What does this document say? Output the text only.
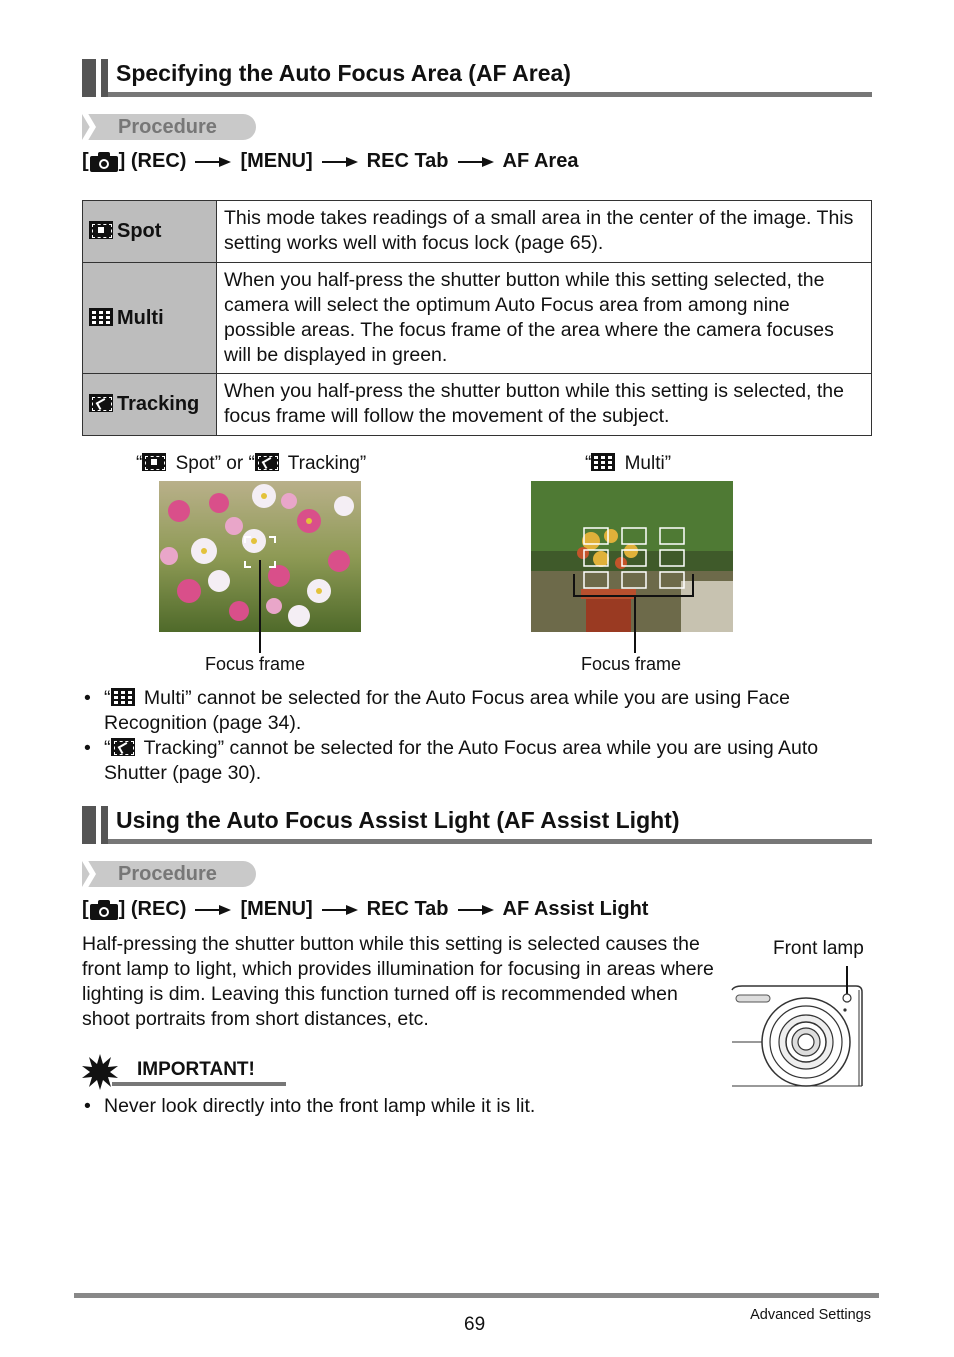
Specifying the Auto Focus Area (AF Area)
Procedure
[ ] (REC)	[MENU]	REC Tab	AF Area
Spot	This mode takes readings of a small area in the center of the image. This setting works well with focus lock (page 65).

Multi	When you half-press the shutter button while this setting selected, the camera will select the optimum Auto Focus area from among nine possible areas. The focus frame of the area where the camera focuses will be displayed in green.
Tracking	When you half-press the shutter button while this setting is selected, the focus frame will follow the movement of the subject.
“ Spot” or “ Tracking”	“
Multi”
Focus frame	Focus frame
• “
Multi” cannot be selected for the Auto Focus area while you are using Face Recognition (page 34).
• “ Tracking” cannot be selected for the Auto Focus area while you are using Auto Shutter (page 30).
Using the Auto Focus Assist Light (AF Assist Light)
Procedure
[ ] (REC)	[MENU]	REC Tab	AF Assist Light
Half-pressing the shutter button while this setting is selected causes the front lamp to light, which provides illumination for focusing in areas where lighting is dim. Leaving this function turned off is recommended when shoot portraits from short distances, etc.
Front lamp
IMPORTANT!
• Never look directly into the front lamp while it is lit.
69	Advanced Settings
